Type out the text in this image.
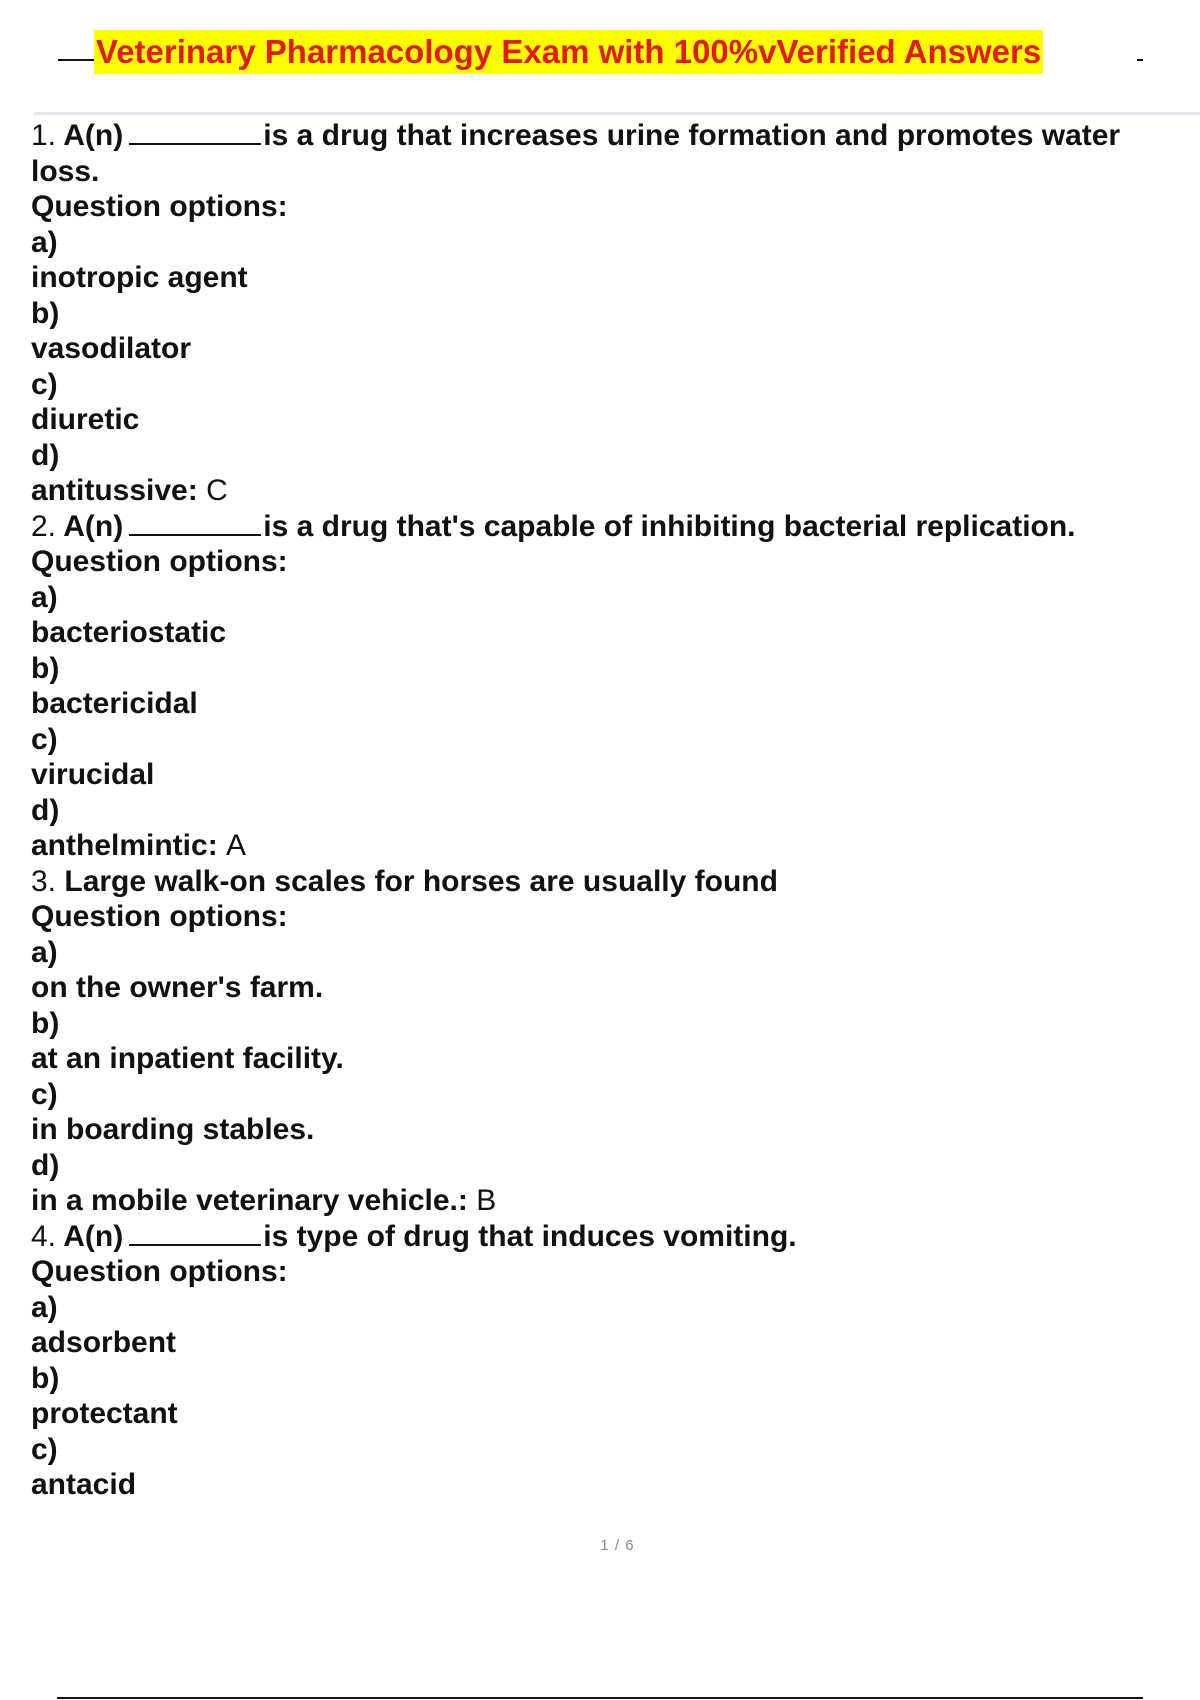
Veterinary Pharmacology Exam with 100%vVerified Answers
1. A(n)	is a drug that increases urine formation and promotes water
loss.
Question options:
a)
inotropic agent
b)
vasodilator
c)
diuretic
d)
antitussive: C
2. A(n)	is a drug that's capable of inhibiting bacterial replication.
Question options:
a)
bacteriostatic
b)
bactericidal
c)
virucidal
d)
anthelmintic: A
3. Large walk-on scales for horses are usually found
Question options:
a)
on the owner's farm.
b)
at an inpatient facility.
c)
in boarding stables.
d)
in a mobile veterinary vehicle.: B
4. A(n)	is type of drug that induces vomiting.
Question options:
a)
adsorbent
b)
protectant
c)
antacid
1 / 6
